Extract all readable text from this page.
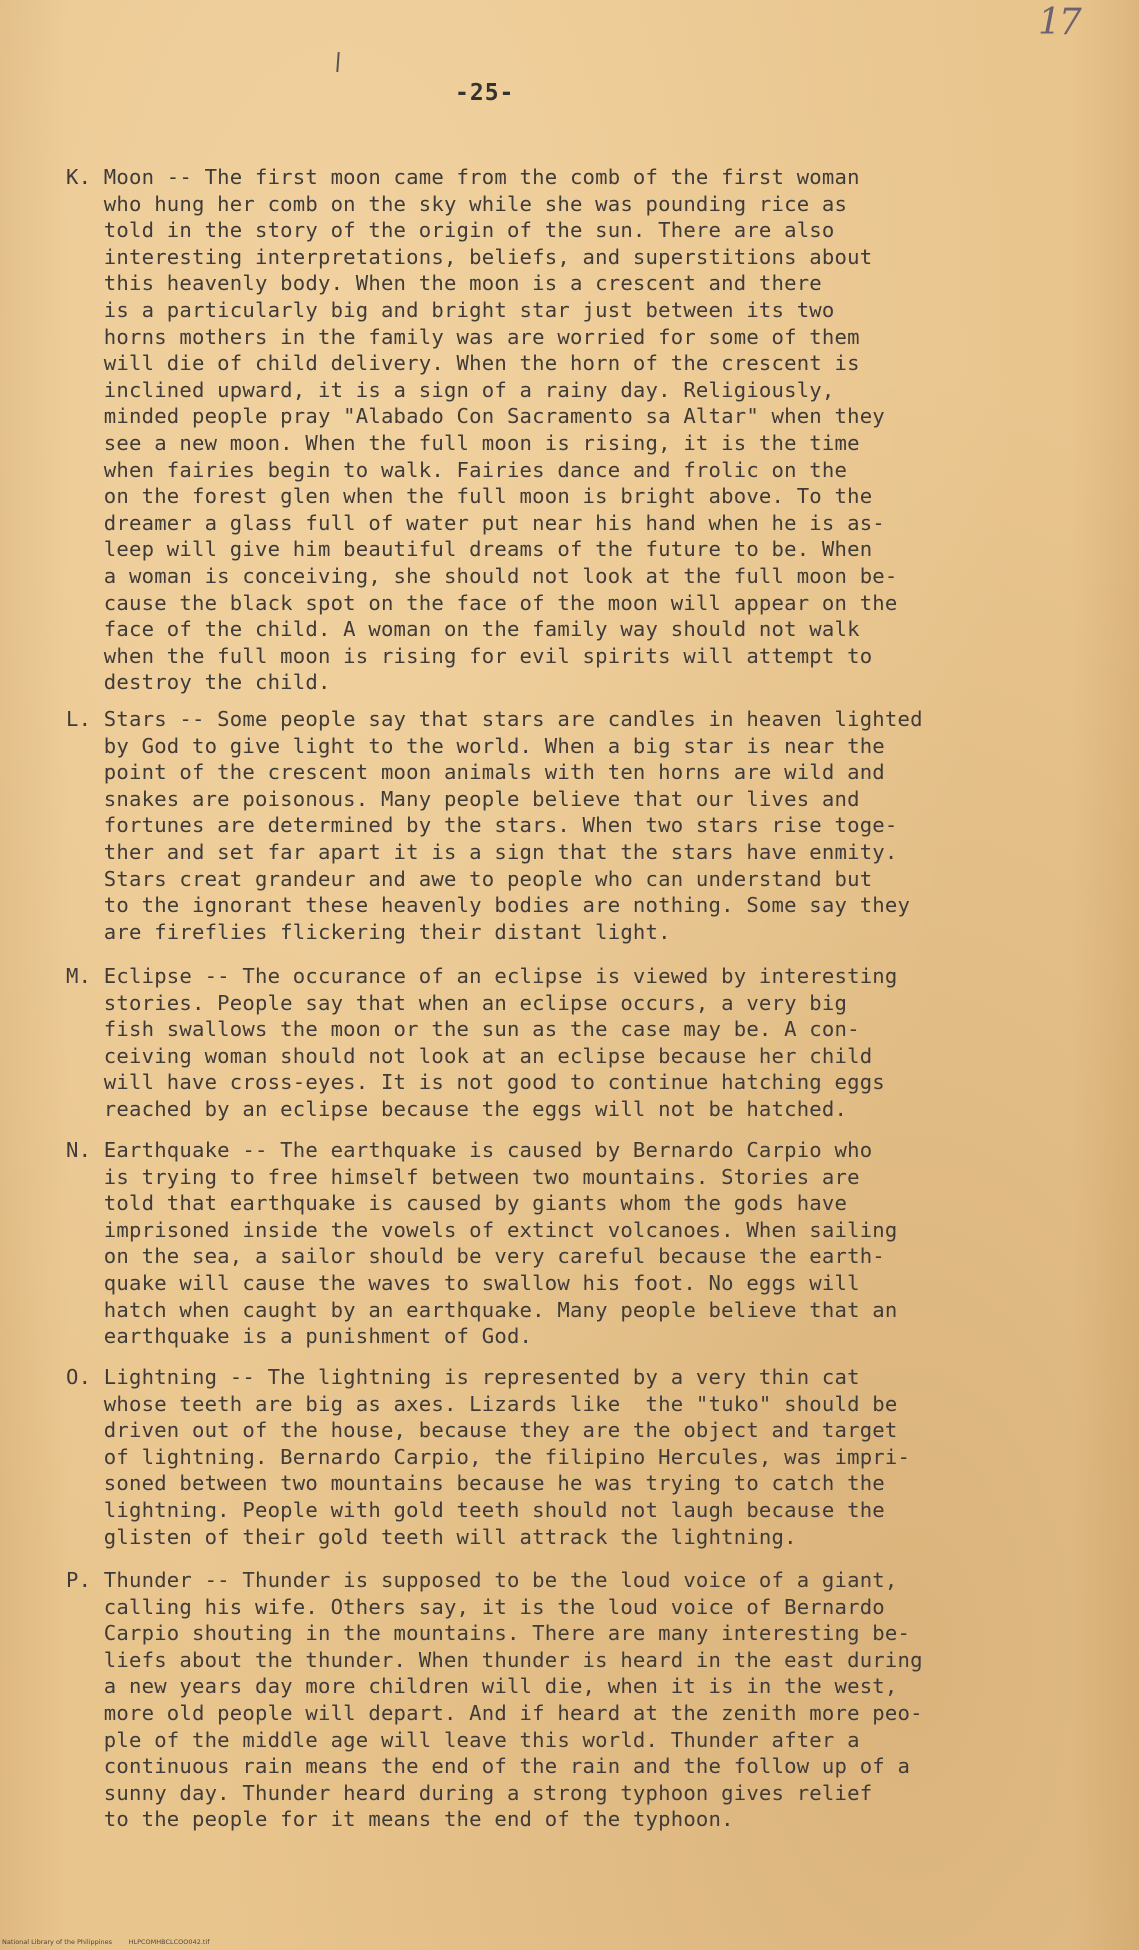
17
-25-
K. Moon -- The first moon came from the comb of the first woman
who hung her comb on the sky while she was pounding rice as
told in the story of the origin of the sun. There are also
interesting interpretations, beliefs, and superstitions about
this heavenly body. When the moon is a crescent and there
is a particularly big and bright star just between its two
horns mothers in the family was are worried for some of them
will die of child delivery. When the horn of the crescent is
inclined upward, it is a sign of a rainy day. Religiously,
minded people pray "Alabado Con Sacramento sa Altar" when they
see a new moon. When the full moon is rising, it is the time
when fairies begin to walk. Fairies dance and frolic on the
on the forest glen when the full moon is bright above. To the
dreamer a glass full of water put near his hand when he is as-
leep will give him beautiful dreams of the future to be. When
a woman is conceiving, she should not look at the full moon be-
cause the black spot on the face of the moon will appear on the
face of the child. A woman on the family way should not walk
when the full moon is rising for evil spirits will attempt to
destroy the child.
L. Stars -- Some people say that stars are candles in heaven lighted
by God to give light to the world. When a big star is near the
point of the crescent moon animals with ten horns are wild and
snakes are poisonous. Many people believe that our lives and
fortunes are determined by the stars. When two stars rise toge-
ther and set far apart it is a sign that the stars have enmity.
Stars creat grandeur and awe to people who can understand but
to the ignorant these heavenly bodies are nothing. Some say they
are fireflies flickering their distant light.
M. Eclipse -- The occurance of an eclipse is viewed by interesting
stories. People say that when an eclipse occurs, a very big
fish swallows the moon or the sun as the case may be. A con-
ceiving woman should not look at an eclipse because her child
will have cross-eyes. It is not good to continue hatching eggs
reached by an eclipse because the eggs will not be hatched.
N. Earthquake -- The earthquake is caused by Bernardo Carpio who
is trying to free himself between two mountains. Stories are
told that earthquake is caused by giants whom the gods have
imprisoned inside the vowels of extinct volcanoes. When sailing
on the sea, a sailor should be very careful because the earth-
quake will cause the waves to swallow his foot. No eggs will
hatch when caught by an earthquake. Many people believe that an
earthquake is a punishment of God.
O. Lightning -- The lightning is represented by a very thin cat
whose teeth are big as axes. Lizards like  the "tuko" should be
driven out of the house, because they are the object and target
of lightning. Bernardo Carpio, the filipino Hercules, was impri-
soned between two mountains because he was trying to catch the
lightning. People with gold teeth should not laugh because the
glisten of their gold teeth will attrack the lightning.
P. Thunder -- Thunder is supposed to be the loud voice of a giant,
calling his wife. Others say, it is the loud voice of Bernardo
Carpio shouting in the mountains. There are many interesting be-
liefs about the thunder. When thunder is heard in the east during
a new years day more children will die, when it is in the west,
more old people will depart. And if heard at the zenith more peo-
ple of the middle age will leave this world. Thunder after a
continuous rain means the end of the rain and the follow up of a
sunny day. Thunder heard during a strong typhoon gives relief
to the people for it means the end of the typhoon.
National Library of the Philippines	HLPCOMHBCLCOO042.tif
